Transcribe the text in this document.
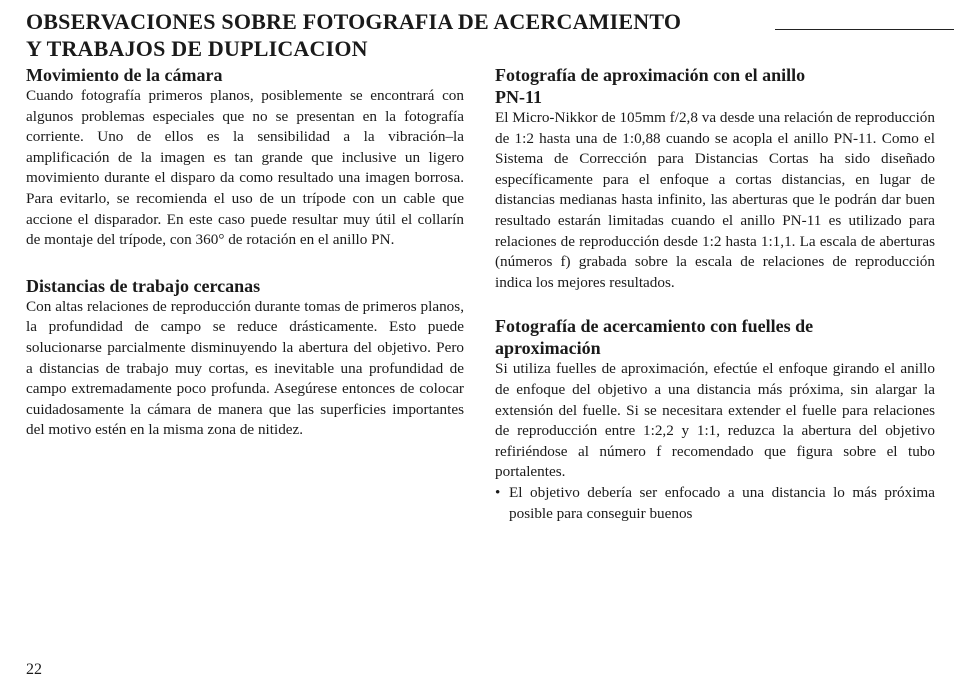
OBSERVACIONES SOBRE FOTOGRAFIA DE ACERCAMIENTO
Y TRABAJOS DE DUPLICACION

Movimiento de la cámara

Cuando fotografía primeros planos, posiblemente se encontrará con algunos problemas especiales que no se presentan en la fotografía corriente. Uno de ellos es la sensibilidad a la vibración–la amplificación de la imagen es tan grande que inclusive un ligero movimiento durante el disparo da como resultado una imagen borrosa. Para evitarlo, se recomienda el uso de un trípode con un cable que accione el disparador. En este caso puede resultar muy útil el collarín de montaje del trípode, con 360° de rotación en el anillo PN.

Distancias de trabajo cercanas

Con altas relaciones de reproducción durante tomas de primeros planos, la profundidad de campo se reduce drásticamente. Esto puede solucionarse parcialmente disminuyendo la abertura del objetivo. Pero a distancias de trabajo muy cortas, es inevitable una profundidad de campo extremadamente poco profunda. Asegúrese entonces de colocar cuidadosamente la cámara de manera que las superficies importantes del motivo estén en la misma zona de nitidez.

Fotografía de aproximación con el anillo
PN-11

El Micro-Nikkor de 105mm f/2,8 va desde una relación de reproducción de 1:2 hasta una de 1:0,88 cuando se acopla el anillo PN-11. Como el Sistema de Corrección para Distancias Cortas ha sido diseñado específicamente para el enfoque a cortas distancias, en lugar de distancias medianas hasta infinito, las aberturas que le podrán dar buen resultado estarán limitadas cuando el anillo PN-11 es utilizado para relaciones de reproducción desde 1:2 hasta 1:1,1. La escala de aberturas (números f) grabada sobre la escala de relaciones de reproducción indica los mejores resultados.

Fotografía de acercamiento con fuelles de
aproximación

Si utiliza fuelles de aproximación, efectúe el enfoque girando el anillo de enfoque del objetivo a una distancia más próxima, sin alargar la extensión del fuelle. Si se necesitara extender el fuelle para relaciones de reproducción entre 1:2,2 y 1:1, reduzca la abertura del objetivo refiriéndose al número f recomendado que figura sobre el tubo portalentes.

• El objetivo debería ser enfocado a una distancia lo más próxima posible para conseguir buenos

22
